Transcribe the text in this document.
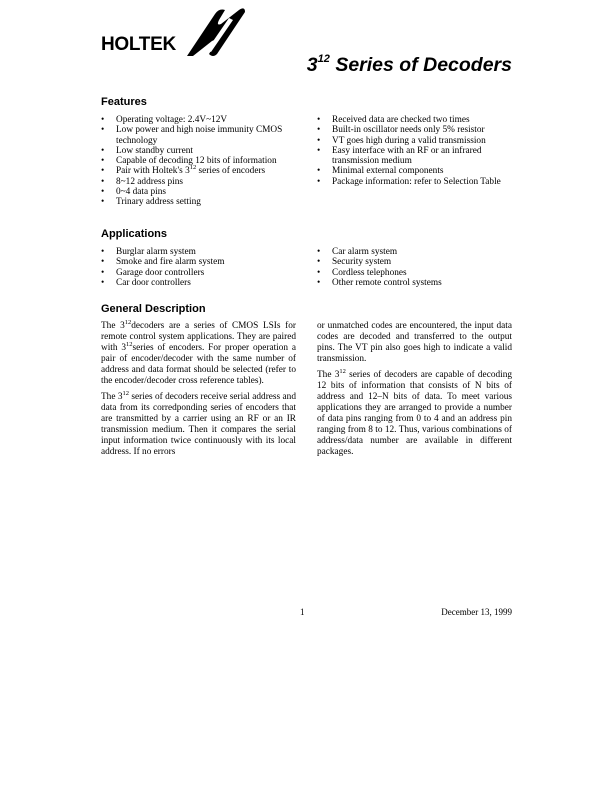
HOLTEK
$3^{12}$ Series of Decoders
Features
• Operating voltage: 2.4V~12V
• Low power and high noise immunity CMOS technology
• Low standby current
• Capable of decoding 12 bits of information
• Pair with Holtek's $3^{12}$ series of encoders
• 8~12 address pins
• 0~4 data pins
• Trinary address setting
• Received data are checked two times
• Built-in oscillator needs only 5% resistor
• VT goes high during a valid transmission
• Easy interface with an RF or an infrared transmission medium
• Minimal external components
• Package information: refer to Selection Table
Applications
• Burglar alarm system
• Smoke and fire alarm system
• Garage door controllers
• Car door controllers
• Car alarm system
• Security system
• Cordless telephones
• Other remote control systems
General Description

The $3^{12}decoders$ are a series of CMOS LSIs for remote control system applications. They are paired with $3^{12}series$ of encoders. For proper operation a pair of encoder/decoder with the same number of address and data format should be selected (refer to the encoder/decoder cross reference tables).

The $3^{12}$ series of decoders receive serial address and data from its corredponding series of encoders that are transmitted by a carrier using an RF or an IR transmission medium. Then it compares the serial input information twice continuously with its local address. If no errors

or unmatched codes are encountered, the input data codes are decoded and transferred to the output pins. The VT pin also goes high to indicate a valid transmission.

The $3^{12}$ series of decoders are capable of decoding 12 bits of information that consists of N bits of address and 12–N bits of data. To meet various applications they are arranged to provide a number of data pins ranging from 0 to 4 and an address pin ranging from 8 to 12. Thus, various combinations of address/data number are available in different packages.

1	December 13, 1999
